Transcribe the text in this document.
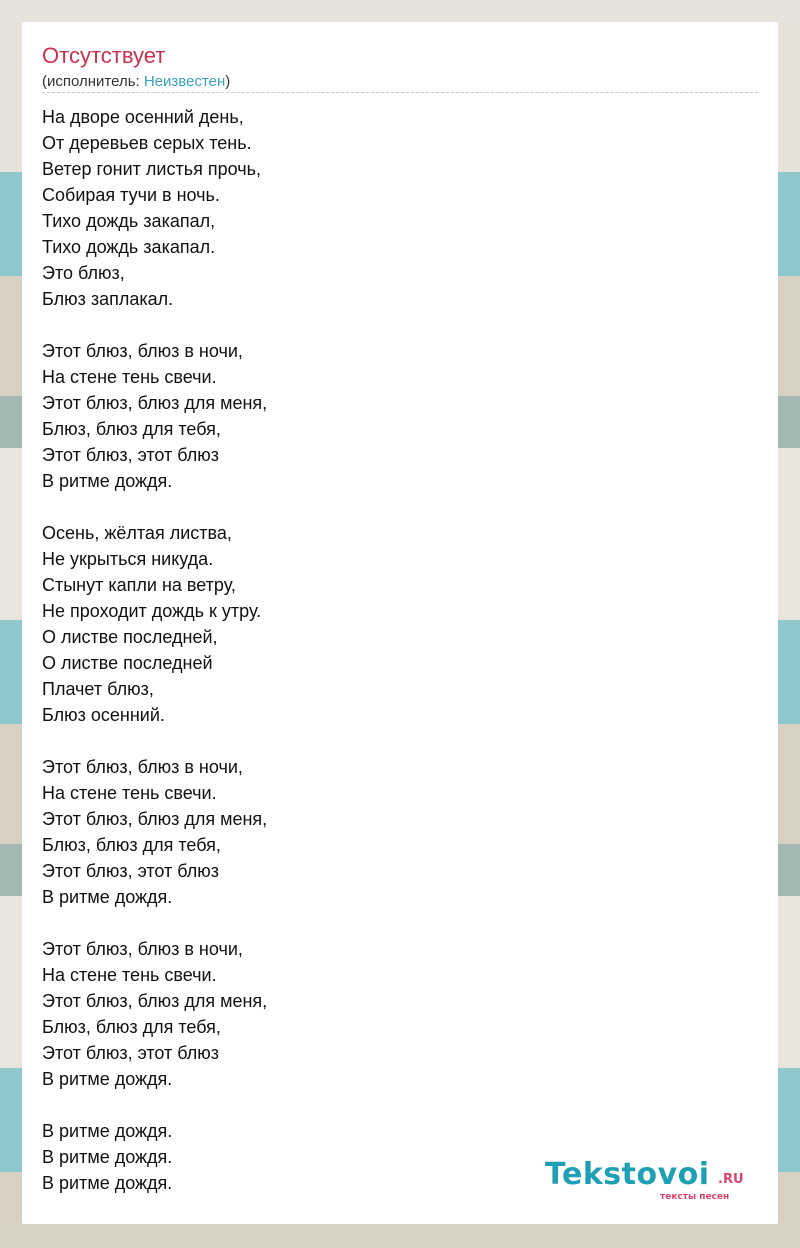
Отсутствует
(исполнитель: Неизвестен)
На дворе осенний день,
От деревьев серых тень.
Ветер гонит листья прочь,
Собирая тучи в ночь.
Тихо дождь закапал,
Тихо дождь закапал.
Это блюз,
Блюз заплакал.
Этот блюз, блюз в ночи,
На стене тень свечи.
Этот блюз, блюз для меня,
Блюз, блюз для тебя,
Этот блюз, этот блюз
В ритме дождя.
Осень, жёлтая листва,
Не укрыться никуда.
Стынут капли на ветру,
Не проходит дождь к утру.
О листве последней,
О листве последней
Плачет блюз,
Блюз осенний.
Этот блюз, блюз в ночи,
На стене тень свечи.
Этот блюз, блюз для меня,
Блюз, блюз для тебя,
Этот блюз, этот блюз
В ритме дождя.
Этот блюз, блюз в ночи,
На стене тень свечи.
Этот блюз, блюз для меня,
Блюз, блюз для тебя,
Этот блюз, этот блюз
В ритме дождя.
В ритме дождя.
В ритме дождя.
В ритме дождя.	Tekstovoi .RU
тексты песен
